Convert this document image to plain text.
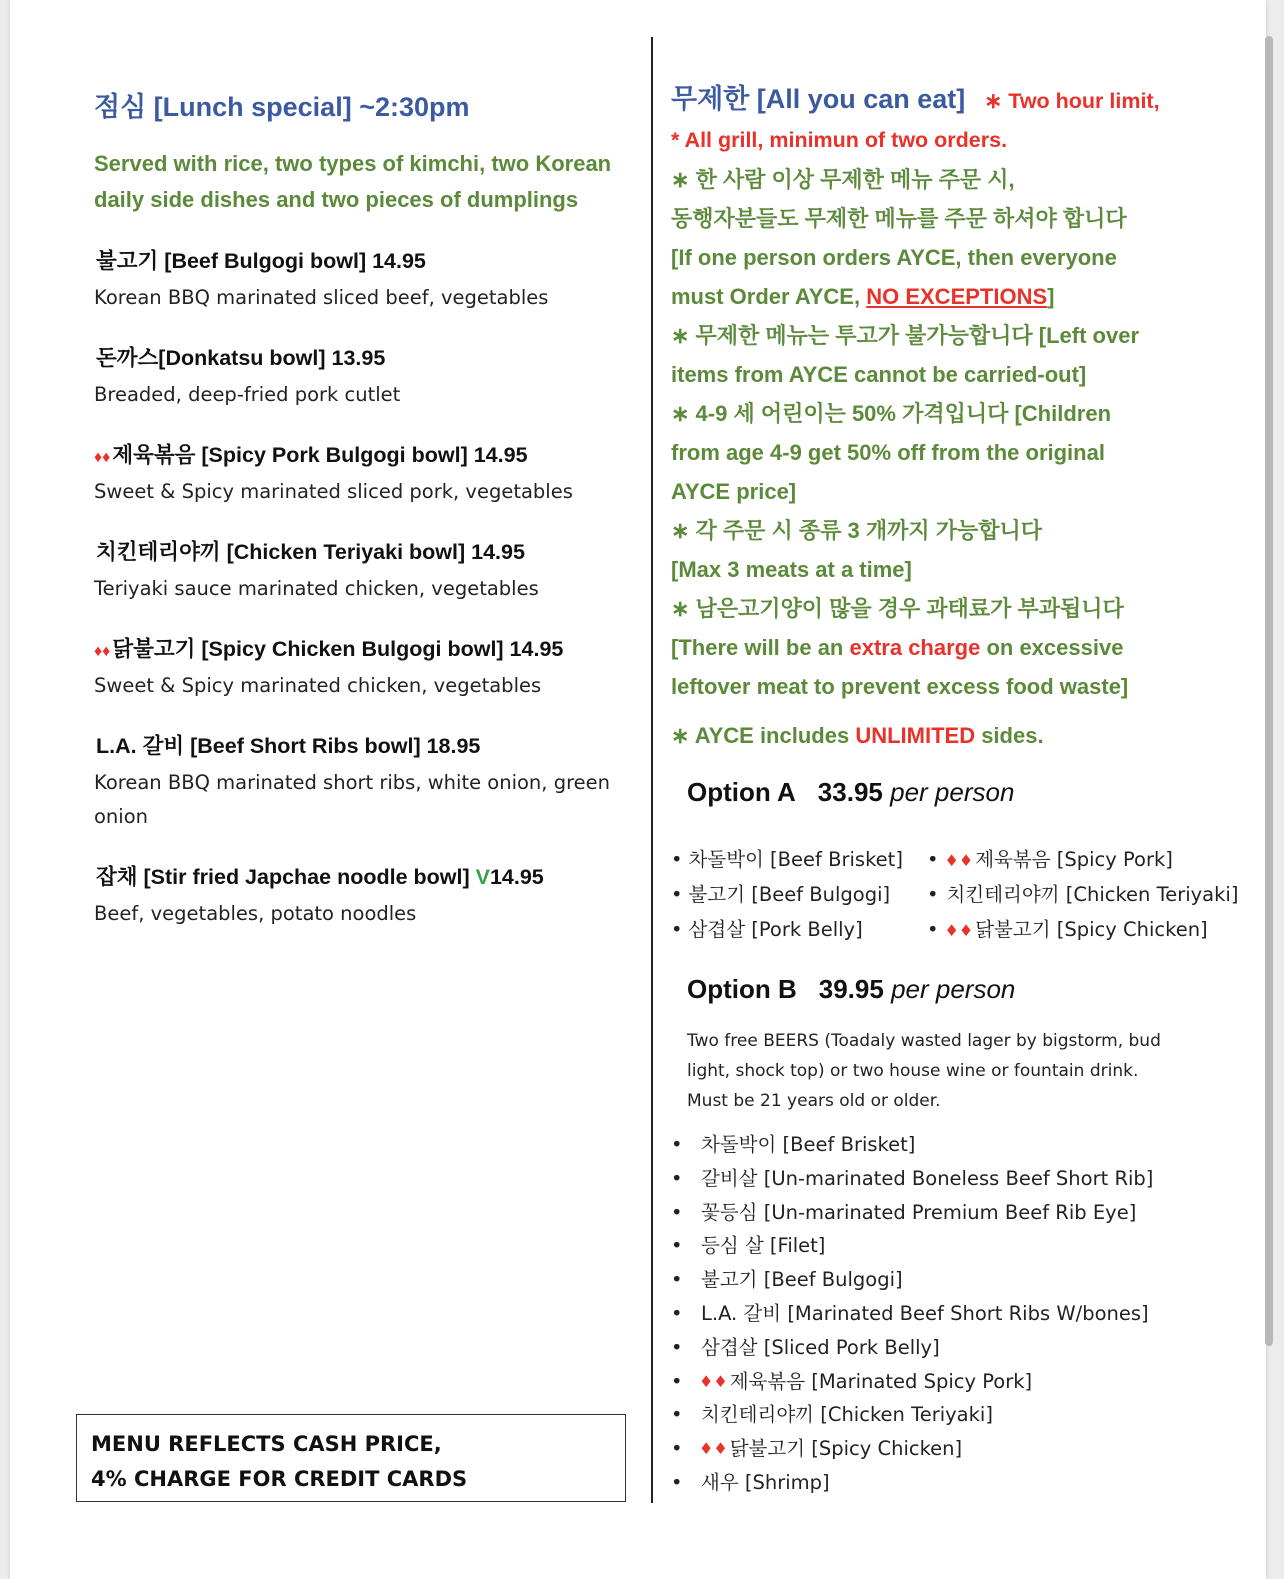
점심 [Lunch special] ~2:30pm
Served with rice, two types of kimchi, two Korean daily side dishes and two pieces of dumplings
불고기 [Beef Bulgogi bowl] 14.95
Korean BBQ marinated sliced beef, vegetables
돈까스[Donkatsu bowl] 13.95
Breaded, deep-fried pork cutlet
♦♦제육볶음 [Spicy Pork Bulgogi bowl] 14.95
Sweet & Spicy marinated sliced pork, vegetables
치킨테리야끼 [Chicken Teriyaki bowl] 14.95
Teriyaki sauce marinated chicken, vegetables
♦♦닭불고기 [Spicy Chicken Bulgogi bowl] 14.95
Sweet & Spicy marinated chicken, vegetables
L.A. 갈비 [Beef Short Ribs bowl] 18.95
Korean BBQ marinated short ribs, white onion, green onion
잡채 [Stir fried Japchae noodle bowl] V14.95
Beef, vegetables, potato noodles
MENU REFLECTS CASH PRICE,
4% CHARGE FOR CREDIT CARDS
무제한 [All you can eat] ∗ Two hour limit,
* All grill, minimun of two orders.
∗ 한 사람 이상 무제한 메뉴 주문 시,
동행자분들도 무제한 메뉴를 주문 하셔야 합니다
[If one person orders AYCE, then everyone
must Order AYCE, NO EXCEPTIONS]
∗ 무제한 메뉴는 투고가 불가능합니다 [Left over
items from AYCE cannot be carried-out]
∗ 4-9 세 어린이는 50% 가격입니다 [Children
from age 4-9 get 50% off from the original
AYCE price]
∗ 각 주문 시 종류 3 개까지 가능합니다
[Max 3 meats at a time]
∗ 남은고기양이 많을 경우 과태료가 부과됩니다
[There will be an extra charge on excessive
leftover meat to prevent excess food waste]
∗ AYCE includes UNLIMITED sides.
Option A 33.95 per person
• 차돌박이 [Beef Brisket]	• ♦♦ 제육볶음 [Spicy Pork]
• 불고기 [Beef Bulgogi]	• 치킨테리야끼 [Chicken Teriyaki]
• 삼겹살 [Pork Belly]	• ♦♦ 닭불고기 [Spicy Chicken]
Option B 39.95 per person
Two free BEERS (Toadaly wasted lager by bigstorm, bud light, shock top) or two house wine or fountain drink.
Must be 21 years old or older.
• 차돌박이 [Beef Brisket]
• 갈비살 [Un-marinated Boneless Beef Short Rib]
• 꽃등심 [Un-marinated Premium Beef Rib Eye]
• 등심 살 [Filet]
• 불고기 [Beef Bulgogi]
• L.A. 갈비 [Marinated Beef Short Ribs W/bones]
• 삼겹살 [Sliced Pork Belly]
•	♦♦ 제육볶음 [Marinated Spicy Pork]
• 치킨테리야끼 [Chicken Teriyaki]
•	♦♦ 닭불고기 [Spicy Chicken]
• 새우 [Shrimp]
